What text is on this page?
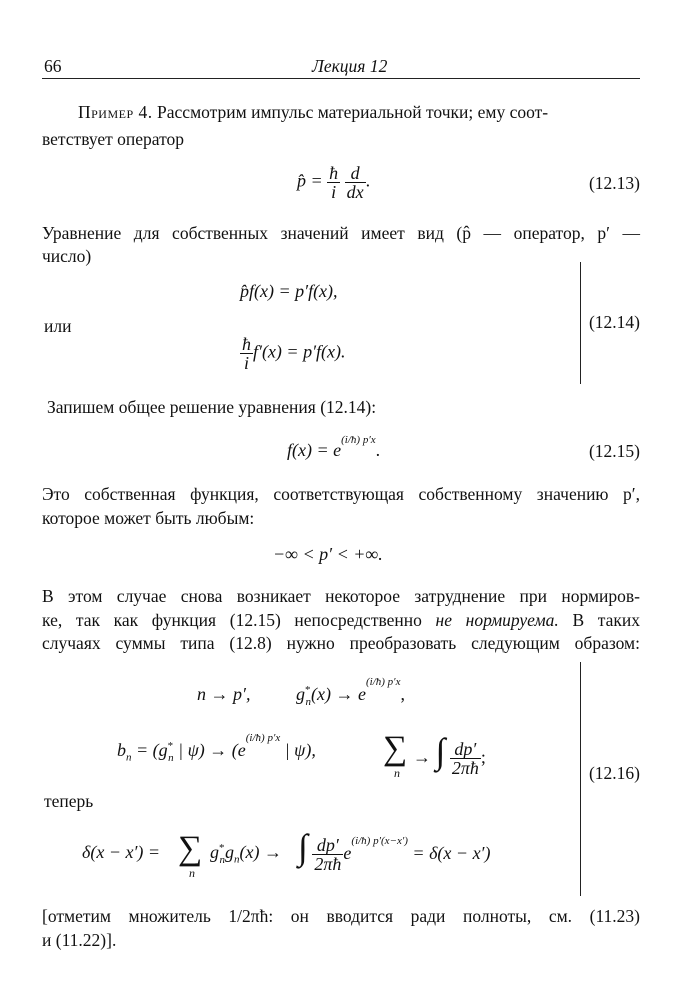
66	Лекция 12
Пример 4. Рассмотрим импульс материальной точки; ему соот-
ветствует оператор
p̂ = $\frac{ħ}{i}$
$\frac{d}{dx}$ .	(12.13)
Уравнение для собственных значений имеет вид (p̂ — оператор, p′ —
число)
p̂f(x) = p′f(x),
или
$\frac{ħ}{i} f'(x) = p'f(x)$.
(12.14)
Запишем общее решение уравнения (12.14):
$f(x) = e^{(i/ħ) p'x}$.	(12.15)
Это собственная функция, соответствующая собственному значению p′,
которое может быть любым:
−∞ < p′ < +∞.
В этом случае снова возникает некоторое затруднение при нормиров-
ке, так как функция (12.15) непосредственно не нормируема. В таких
случаях суммы типа (12.8) нужно преобразовать следующим образом:
n → p′,	$g^*_n(x) \to e^{(i/ħ) p'x}$,
$b_n = (g^*_n$ | $\psi) \to (e^{(i/ħ) p'x}$ | ψ), ∑
n
→ ∫ $\frac{dp'}{2\pi ħ}$ ;
теперь
δ(x − x′) = ∑
n
$g^*_ng_n(x)$ → ∫ $\frac{dp'}{2\pi ħ} e^{(i/ħ) p'(x-x')} = \delta(x - x')$
(12.16)
[отметим множитель 1/2πħ: он вводится ради полноты, см. (11.23)
и (11.22)].
